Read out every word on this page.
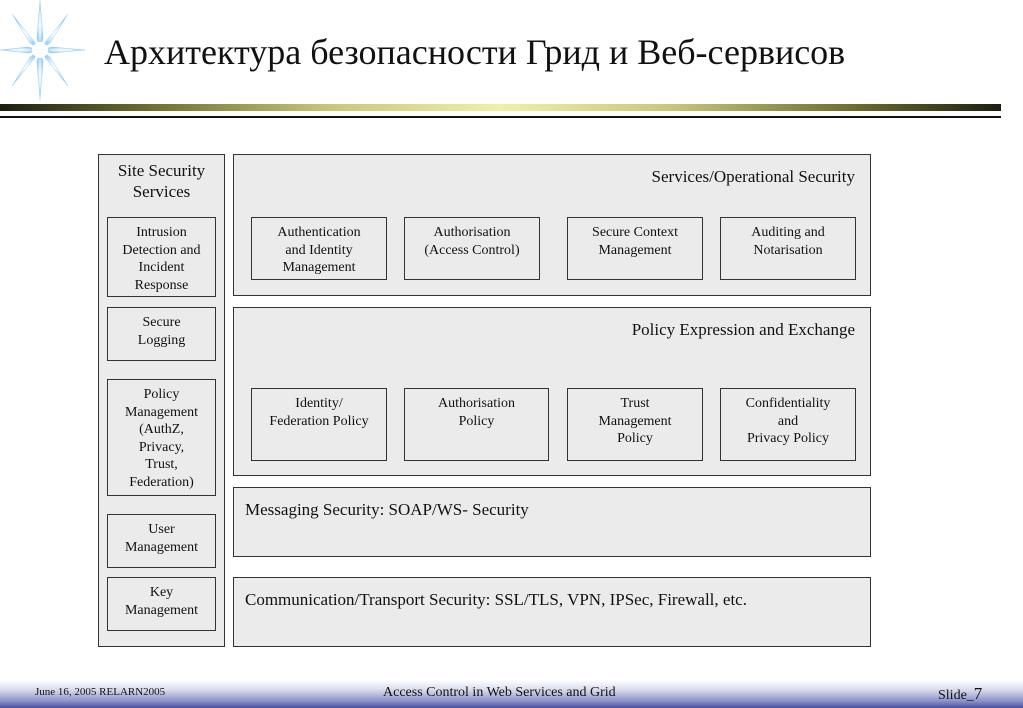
Архитектура безопасности Грид и Веб-сервисов
Site Security
Services
Intrusion
Detection and
Incident
Response
Secure
Logging
Policy
Management
(AuthZ,
Privacy,
Trust,
Federation)
User
Management
Key
Management
Services/Operational Security
Authentication
and Identity
Management
Authorisation
(Access Control)
Secure Context
Management
Auditing and
Notarisation
Policy Expression and Exchange
Identity/
Federation Policy
Authorisation
Policy
Trust
Management
Policy
Confidentiality
and
Privacy Policy
Messaging Security: SOAP/WS- Security
Communication/Transport Security: SSL/TLS, VPN, IPSec, Firewall, etc.
June 16, 2005 RELARN2005	Access Control in Web Services and Grid	Slide_7
